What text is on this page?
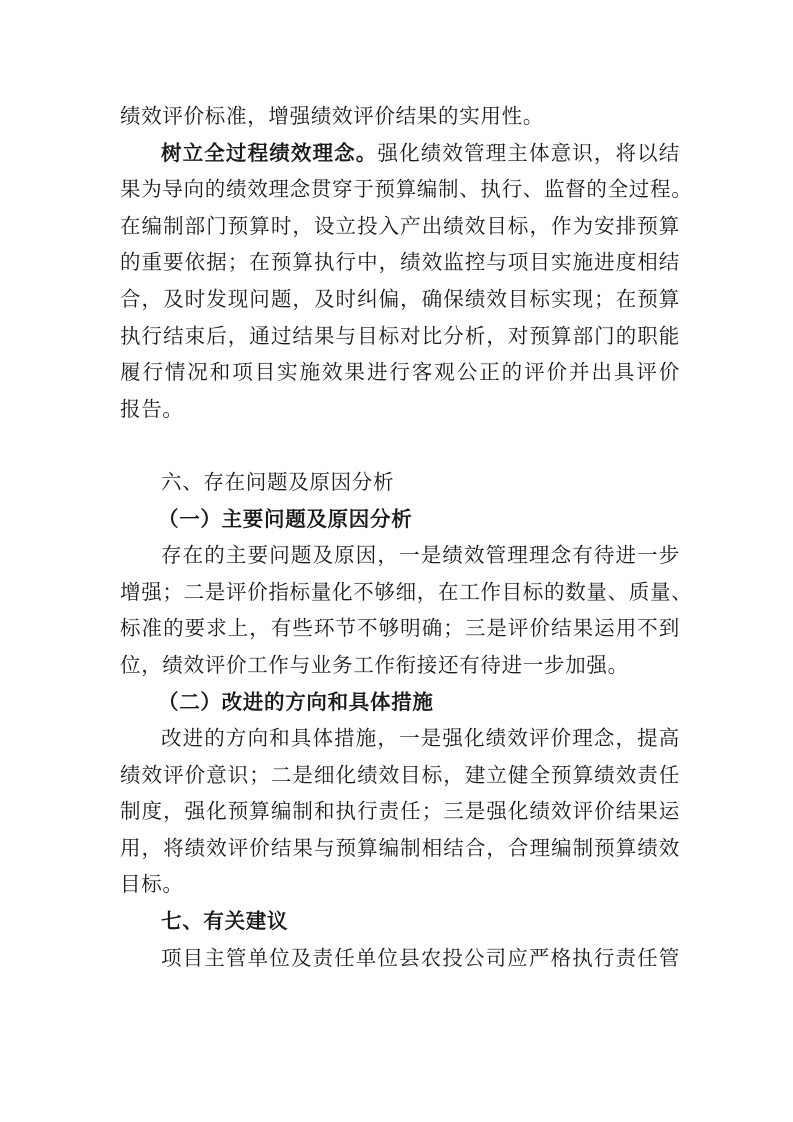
绩效评价标准，增强绩效评价结果的实用性。
树立全过程绩效理念。强化绩效管理主体意识，将以结
果为导向的绩效理念贯穿于预算编制、执行、监督的全过程。
在编制部门预算时，设立投入产出绩效目标，作为安排预算
的重要依据；在预算执行中，绩效监控与项目实施进度相结
合，及时发现问题，及时纠偏，确保绩效目标实现；在预算
执行结束后，通过结果与目标对比分析，对预算部门的职能
履行情况和项目实施效果进行客观公正的评价并出具评价
报告。
六、存在问题及原因分析
（一）主要问题及原因分析
存在的主要问题及原因，一是绩效管理理念有待进一步
增强；二是评价指标量化不够细，在工作目标的数量、质量、
标准的要求上，有些环节不够明确；三是评价结果运用不到
位，绩效评价工作与业务工作衔接还有待进一步加强。
（二）改进的方向和具体措施
改进的方向和具体措施，一是强化绩效评价理念，提高
绩效评价意识；二是细化绩效目标，建立健全预算绩效责任
制度，强化预算编制和执行责任；三是强化绩效评价结果运
用，将绩效评价结果与预算编制相结合，合理编制预算绩效
目标。
七、有关建议
项目主管单位及责任单位县农投公司应严格执行责任管
